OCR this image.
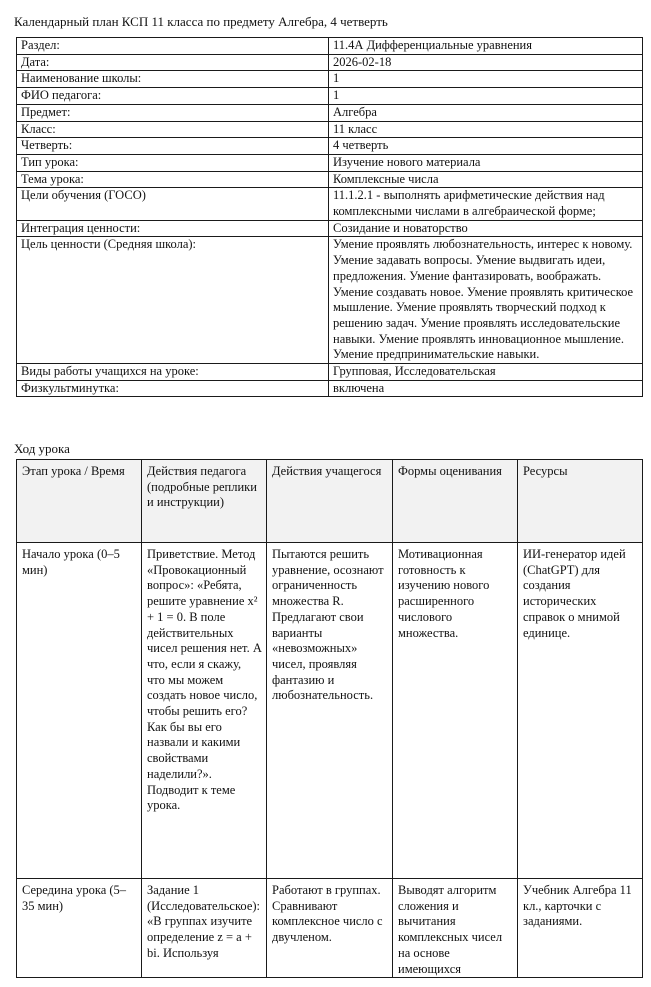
Календарный план КСП 11 класса по предмету Алгебра, 4 четверть
Раздел:	11.4А Дифференциальные уравнения
Дата:	2026-02-18
Наименование школы:	1
ФИО педагога:	1
Предмет:	Алгебра
Класс:	11 класс
Четверть:	4 четверть
Тип урока:	Изучение нового материала
Тема урока:	Комплексные числа
Цели обучения (ГОСО)	11.1.2.1 - выполнять арифметические действия над комплексными числами в алгебраической форме;
Интеграция ценности:	Созидание и новаторство
Цель ценности (Средняя школа):	Умение проявлять любознательность, интерес к новому. Умение задавать вопросы. Умение выдвигать идеи, предложения. Умение фантазировать, воображать. Умение создавать новое. Умение проявлять критическое мышление. Умение проявлять творческий подход к решению задач. Умение проявлять исследовательские навыки. Умение проявлять инновационное мышление. Умение предпринимательские навыки.
Виды работы учащихся на уроке:	Групповая, Исследовательская
Физкультминутка:	включена
Ход урока
Этап урока / Время	Действия педагога (подробные реплики и инструкции)	Действия учащегося	Формы оценивания	Ресурсы
Начало урока (0–5 мин)	Приветствие. Метод «Провокационный вопрос»: «Ребята, решите уравнение x² + 1 = 0. В поле действительных чисел решения нет. А что, если я скажу, что мы можем создать новое число, чтобы решить его? Как бы вы его назвали и какими свойствами наделили?». Подводит к теме урока.	Пытаются решить уравнение, осознают ограниченность множества R. Предлагают свои варианты «невозможных» чисел, проявляя фантазию и любознательность.	Мотивационная готовность к изучению нового расширенного числового множества.	ИИ-генератор идей (ChatGPT) для создания исторических справок о мнимой единице.
Середина урока (5–35 мин)	Задание 1 (Исследовательское): «В группах изучите определение z = a + bi. Используя	Работают в группах. Сравнивают комплексное число с двучленом.	Выводят алгоритм сложения и вычитания комплексных чисел на основе имеющихся	Учебник Алгебра 11 кл., карточки с заданиями.
